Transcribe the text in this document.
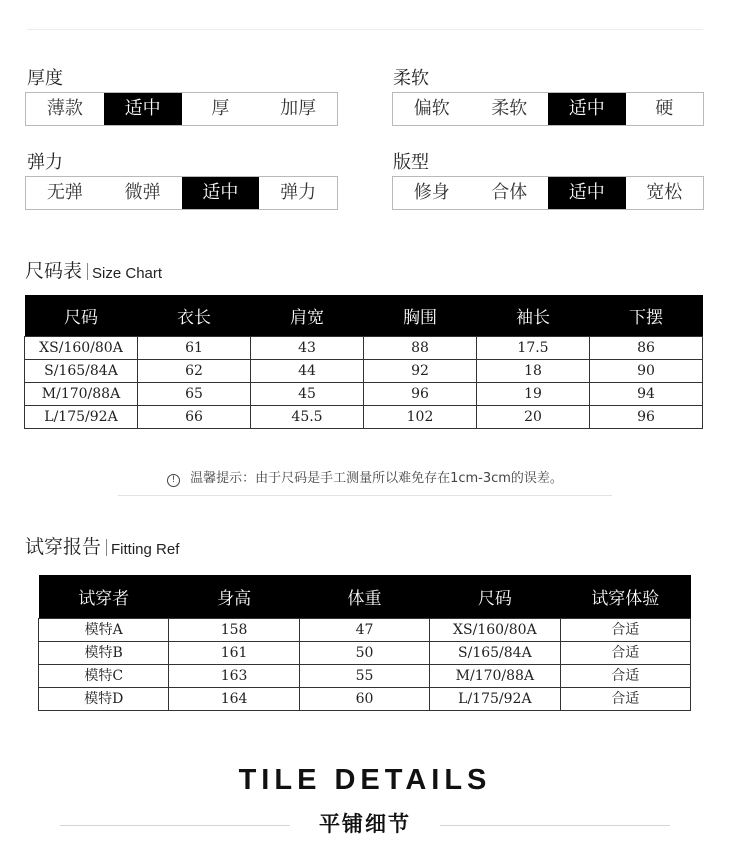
厚度
薄款	适中	厚	加厚
柔软
偏软	柔软	适中	硬
弹力
无弹	微弹	适中	弹力
版型
修身	合体	适中	宽松
尺码表 Size Chart
尺码	衣长	肩宽	胸围	袖长	下摆
XS/160/80A	61	43	88	17.5	86
S/165/84A	62	44	92	18	90
M/170/88A	65	45	96	19	94
L/175/92A	66	45.5	102	20	96
! 温馨提示：由于尺码是手工测量所以难免存在1cm-3cm的误差。
试穿报告 Fitting Ref
试穿者	身高	体重	尺码	试穿体验
模特A	158	47	XS/160/80A	合适
模特B	161	50	S/165/84A	合适
模特C	163	55	M/170/88A	合适
模特D	164	60	L/175/92A	合适
TILE DETAILS
平铺细节
